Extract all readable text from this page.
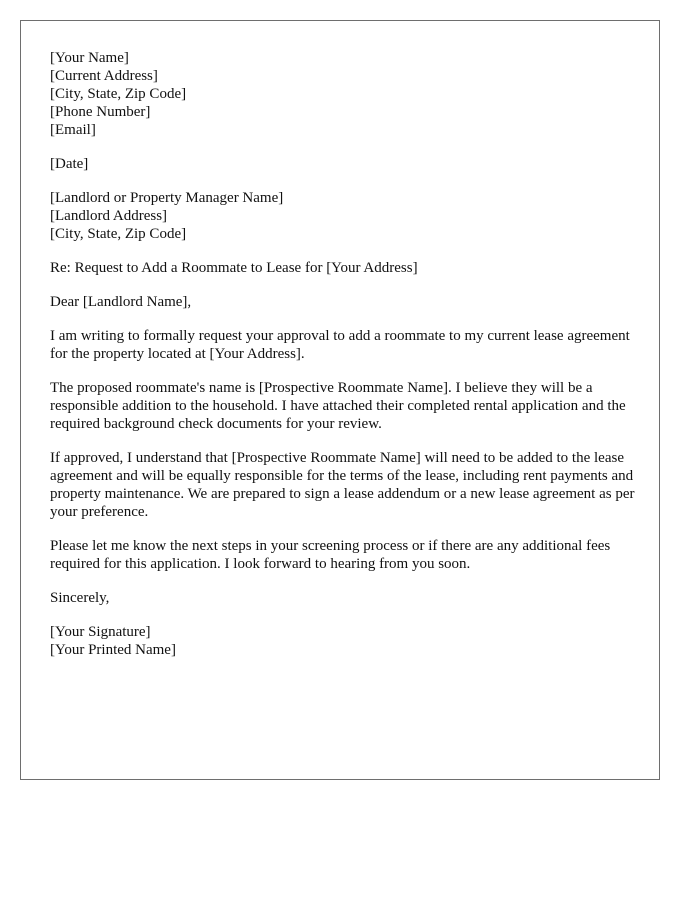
[Your Name]
[Current Address]
[City, State, Zip Code]
[Phone Number]
[Email]
[Date]
[Landlord or Property Manager Name]
[Landlord Address]
[City, State, Zip Code]

Re: Request to Add a Roommate to Lease for [Your Address]

Dear [Landlord Name],

I am writing to formally request your approval to add a roommate to my current lease agreement for the property located at [Your Address].

The proposed roommate's name is [Prospective Roommate Name]. I believe they will be a responsible addition to the household. I have attached their completed rental application and the required background check documents for your review.

If approved, I understand that [Prospective Roommate Name] will need to be added to the lease agreement and will be equally responsible for the terms of the lease, including rent payments and property maintenance. We are prepared to sign a lease addendum or a new lease agreement as per your preference.

Please let me know the next steps in your screening process or if there are any additional fees required for this application. I look forward to hearing from you soon.

Sincerely,

[Your Signature]
[Your Printed Name]
